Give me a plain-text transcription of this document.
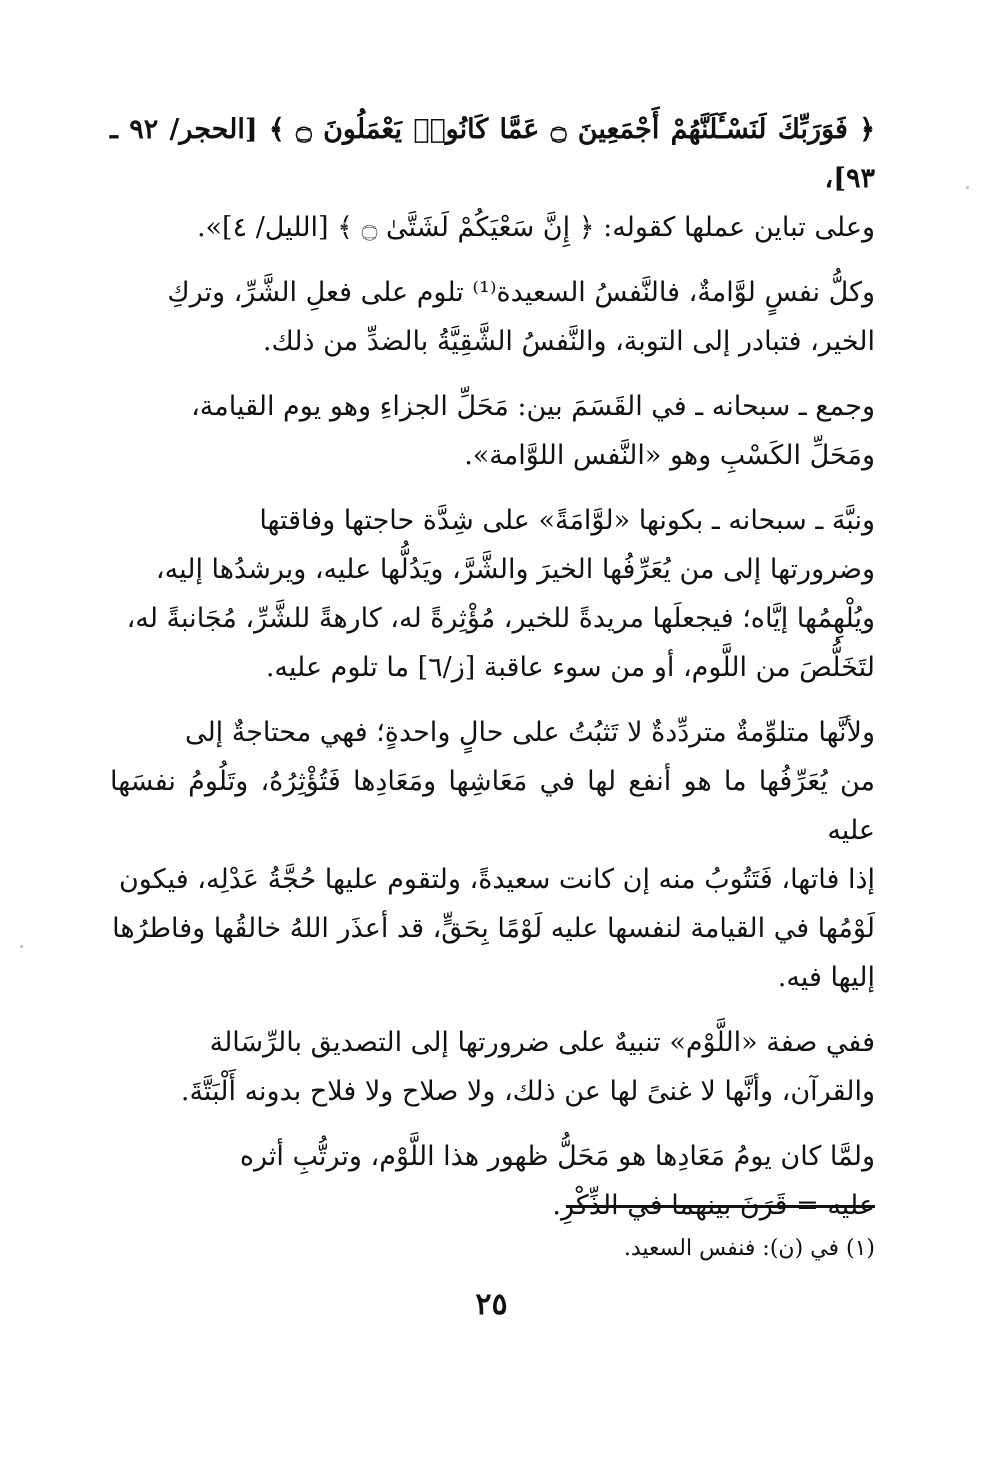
﴿ فَوَرَبِّكَ لَنَسْـَٔلَنَّهُمْ أَجْمَعِينَ ۝ عَمَّا كَانُوا۟ يَعْمَلُونَ ۝ ﴾ [الحجر/ ٩٢ ـ ٩٣]،
وعلى تباين عملها كقوله: ﴿ إِنَّ سَعْيَكُمْ لَشَتَّىٰ ۝ ﴾ [الليل/ ٤]».

وكلُّ نفسٍ لوَّامةٌ، فالنَّفسُ السعيدة⁽¹⁾ تلوم على فعلِ الشَّرِّ، وتركِ
الخير، فتبادر إلى التوبة، والنَّفسُ الشَّقِيَّةُ بالضدِّ من ذلك.

وجمع ـ سبحانه ـ في القَسَمَ بين: مَحَلِّ الجزاءِ وهو يوم القيامة،
ومَحَلِّ الكَسْبِ وهو «النَّفس اللوَّامة».

ونبَّهَ ـ سبحانه ـ بكونها «لوَّامَةً» على شِدَّة حاجتها وفاقتها
وضرورتها إلى من يُعَرِّفُها الخيرَ والشَّرَّ، ويَدُلُّها عليه، ويرشدُها إليه،
ويُلْهِمُها إيَّاه؛ فيجعلَها مريدةً للخير، مُؤْثِرةً له، كارهةً للشَّرِّ، مُجَانبةً له،
لتَخَلُّصَ من اللَّوم، أو من سوء عاقبة [ز/٦] ما تلوم عليه.

ولأنَّها متلوِّمةٌ متردِّدةٌ لا تَثبُتُ على حالٍ واحدةٍ؛ فهي محتاجةٌ إلى
من يُعَرِّفُها ما هو أنفع لها في مَعَاشِها ومَعَادِها فَتُؤْثِرُهُ، وتَلُومُ نفسَها عليه
إذا فاتها، فَتَتُوبُ منه إن كانت سعيدةً، ولتقوم عليها حُجَّةُ عَدْلِه، فيكون
لَوْمُها في القيامة لنفسها عليه لَوْمًا بِحَقٍّ، قد أعذَر اللهُ خالقُها وفاطرُها
إليها فيه.

ففي صفة «اللَّوْم» تنبيهٌ على ضرورتها إلى التصديق بالرِّسَالة
والقرآن، وأنَّها لا غنىً لها عن ذلك، ولا صلاح ولا فلاح بدونه أَلْبَتَّةَ.

ولمَّا كان يومُ مَعَادِها هو مَحَلُّ ظهور هذا اللَّوْم، وترتُّبِ أثره
عليه = قَرَنَ بينهما في الذِّكْرِ.

(١) في (ن): فنفس السعيد.
٢٥
